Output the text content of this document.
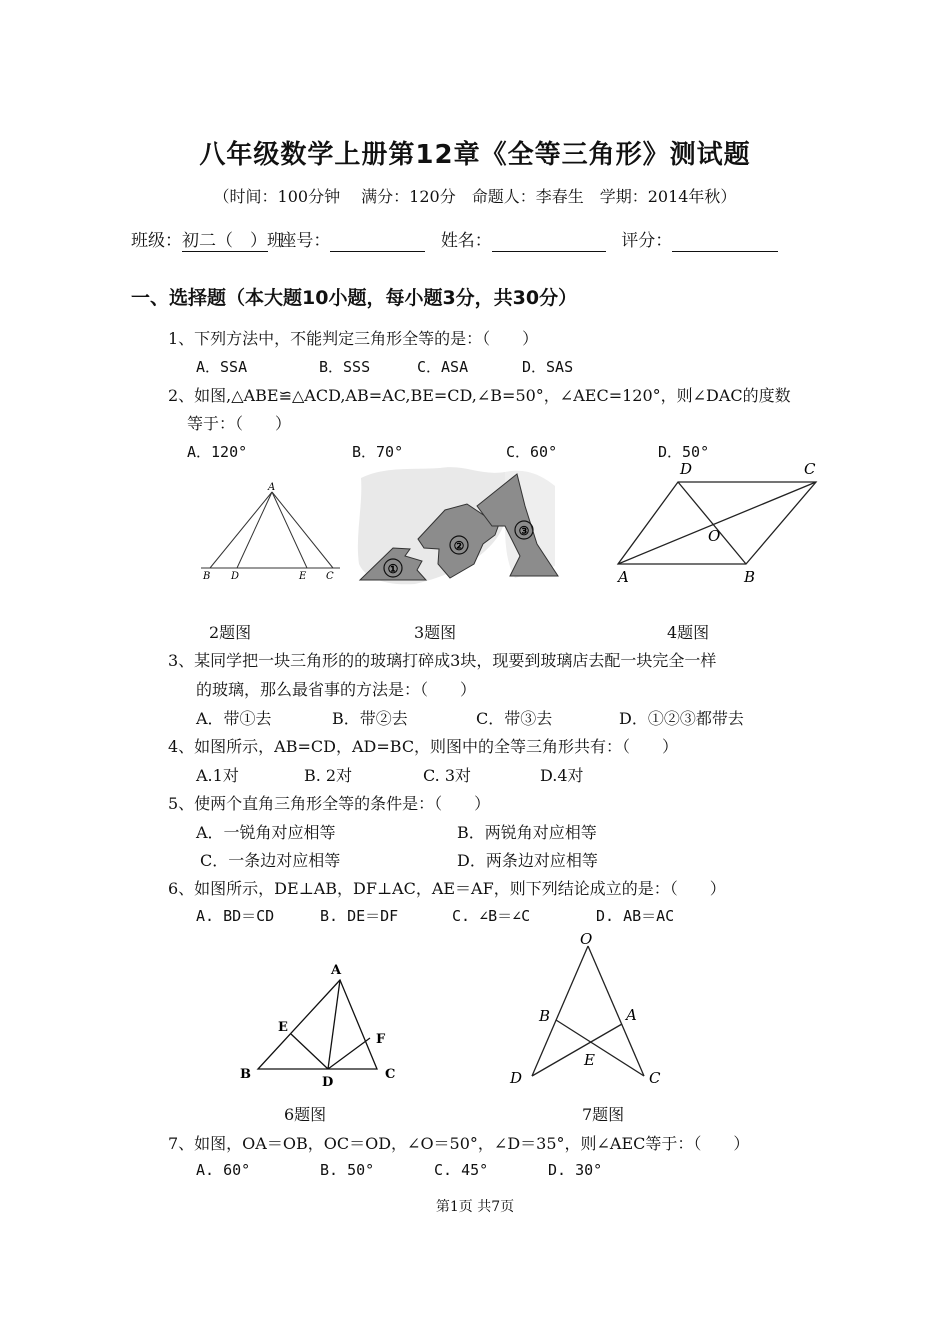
八年级数学上册第12章《全等三角形》测试题
（时间：100分钟　 满分：120分　命题人：李春生　学期：2014年秋）
班级：初二（　）班 座号：	姓名：	评分：
一、选择题（本大题10小题，每小题3分，共30分）
1、下列方法中，不能判定三角形全等的是：（　　）
A．SSA	B．SSS	C．ASA	D．SAS
2、如图,△ABE≌△ACD,AB=AC,BE=CD,∠B=50°，∠AEC=120°，则∠DAC的度数
等于：（　　）
A．120°	B．70°	C．60°	D．50°
A
B D	E C
①
②
③
D	C
O
A	B
2题图	3题图	4题图
3、某同学把一块三角形的的玻璃打碎成3块，现要到玻璃店去配一块完全一样
的玻璃，那么最省事的方法是：（　　）
A．带①去	B．带②去	C．带③去	D．①②③都带去
4、如图所示，AB=CD，AD=BC，则图中的全等三角形共有：（　　）
A.1对	B. 2对	C. 3对	D.4对
5、使两个直角三角形全等的条件是：（　　）
A．一锐角对应相等	B．两锐角对应相等
C．一条边对应相等	D．两条边对应相等
6、如图所示，DE⊥AB，DF⊥AC，AE＝AF，则下列结论成立的是：（　　）
A. BD＝CD	B. DE＝DF	C. ∠B＝∠C	D. AB＝AC
A
E
F
B
D
C
O
B	A
E
D	C
6题图	7题图
7、如图，OA＝OB，OC＝OD，∠O＝50°，∠D＝35°，则∠AEC等于：（　　）
A. 60°	B. 50°	C. 45°	D. 30°
第1页 共7页
